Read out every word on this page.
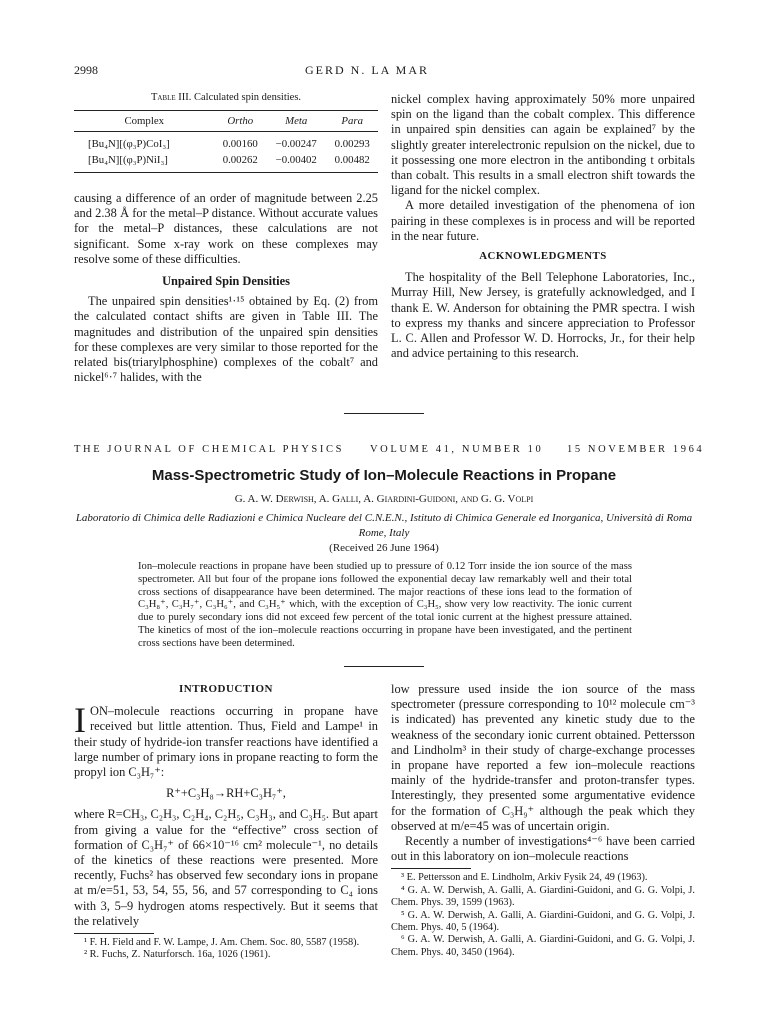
2998	GERD N. LA MAR
Table III. Calculated spin densities.
Complex	Ortho	Meta	Para
[Bu₄N][(φ₃P)CoI₃]	0.00160	−0.00247	0.00293
[Bu₄N][(φ₃P)NiI₃]	0.00262	−0.00402	0.00482

causing a difference of an order of magnitude between 2.25 and 2.38 Å for the metal–P distance. Without accurate values for the metal–P distances, these calculations are not significant. Some x-ray work on these complexes may resolve some of these difficulties.

Unpaired Spin Densities

The unpaired spin densities¹·¹⁵ obtained by Eq. (2) from the calculated contact shifts are given in Table III. The magnitudes and distribution of the unpaired spin densities for these complexes are very similar to those reported for the related bis(triarylphosphine) complexes of the cobalt⁷ and nickel⁶·⁷ halides, with the

nickel complex having approximately 50% more unpaired spin on the ligand than the cobalt complex. This difference in unpaired spin densities can again be explained⁷ by the slightly greater interelectronic repulsion on the nickel, due to it possessing one more electron in the antibonding t orbitals than cobalt. This results in a small electron shift towards the ligand for the nickel complex.

A more detailed investigation of the phenomena of ion pairing in these complexes is in process and will be reported in the near future.

ACKNOWLEDGMENTS

The hospitality of the Bell Telephone Laboratories, Inc., Murray Hill, New Jersey, is gratefully acknowledged, and I thank E. W. Anderson for obtaining the PMR spectra. I wish to express my thanks and sincere appreciation to Professor L. C. Allen and Professor W. D. Horrocks, Jr., for their help and advice pertaining to this research.

THE JOURNAL OF CHEMICAL PHYSICS VOLUME 41, NUMBER 10 15 NOVEMBER 1964
Mass-Spectrometric Study of Ion–Molecule Reactions in Propane
G. A. W. Derwish, A. Galli, A. Giardini-Guidoni, and G. G. Volpi
Laboratorio di Chimica delle Radiazioni e Chimica Nucleare del C.N.E.N., Istituto di Chimica Generale ed Inorganica, Università di Roma Rome, Italy
(Received 26 June 1964)
Ion–molecule reactions in propane have been studied up to pressure of 0.12 Torr inside the ion source of the mass spectrometer. All but four of the propane ions followed the exponential decay law remarkably well and their total cross sections of disappearance have been determined. The major reactions of these ions lead to the formation of C₃H₈⁺, C₃H₇⁺, C₃H₆⁺, and C₃H₅⁺ which, with the exception of C₃H₅, show very low reactivity. The ionic current due to purely secondary ions did not exceed few percent of the total ionic current at the highest pressure attained. The kinetics of most of the ion–molecule reactions occurring in propane have been investigated, and the pertinent cross sections have been determined.
INTRODUCTION

ION–molecule reactions occurring in propane have received but little attention. Thus, Field and Lampe¹ in their study of hydride-ion transfer reactions have identified a large number of primary ions in propane reacting to form the propyl ion C₃H₇⁺:

R⁺+C₃H₈→RH+C₃H₇⁺,

where R=CH₃, C₂H₃, C₂H₄, C₂H₅, C₃H₃, and C₃H₅. But apart from giving a value for the “effective” cross section of formation of C₃H₇⁺ of 66×10⁻¹⁶ cm² molecule⁻¹, no details of the kinetics of these reactions were presented. More recently, Fuchs² has observed few secondary ions in propane at m/e=51, 53, 54, 55, 56, and 57 corresponding to C₄ ions with 3, 5–9 hydrogen atoms respectively. But it seems that the relatively

¹ F. H. Field and F. W. Lampe, J. Am. Chem. Soc. 80, 5587 (1958).
² R. Fuchs, Z. Naturforsch. 16a, 1026 (1961).

low pressure used inside the ion source of the mass spectrometer (pressure corresponding to 10¹² molecule cm⁻³ is indicated) has prevented any kinetic study due to the weakness of the secondary ionic current obtained. Pettersson and Lindholm³ in their study of charge-exchange processes in propane have reported a few ion–molecule reactions mainly of the hydride-transfer and proton-transfer types. Interestingly, they presented some argumentative evidence for the formation of C₃H₉⁺ although the peak which they observed at m/e=45 was of uncertain origin.

Recently a number of investigations⁴⁻⁶ have been carried out in this laboratory on ion–molecule reactions

³ E. Pettersson and E. Lindholm, Arkiv Fysik 24, 49 (1963).
⁴ G. A. W. Derwish, A. Galli, A. Giardini-Guidoni, and G. G. Volpi, J. Chem. Phys. 39, 1599 (1963).
⁵ G. A. W. Derwish, A. Galli, A. Giardini-Guidoni, and G. G. Volpi, J. Chem. Phys. 40, 5 (1964).
⁶ G. A. W. Derwish, A. Galli, A. Giardini-Guidoni, and G. G. Volpi, J. Chem. Phys. 40, 3450 (1964).
